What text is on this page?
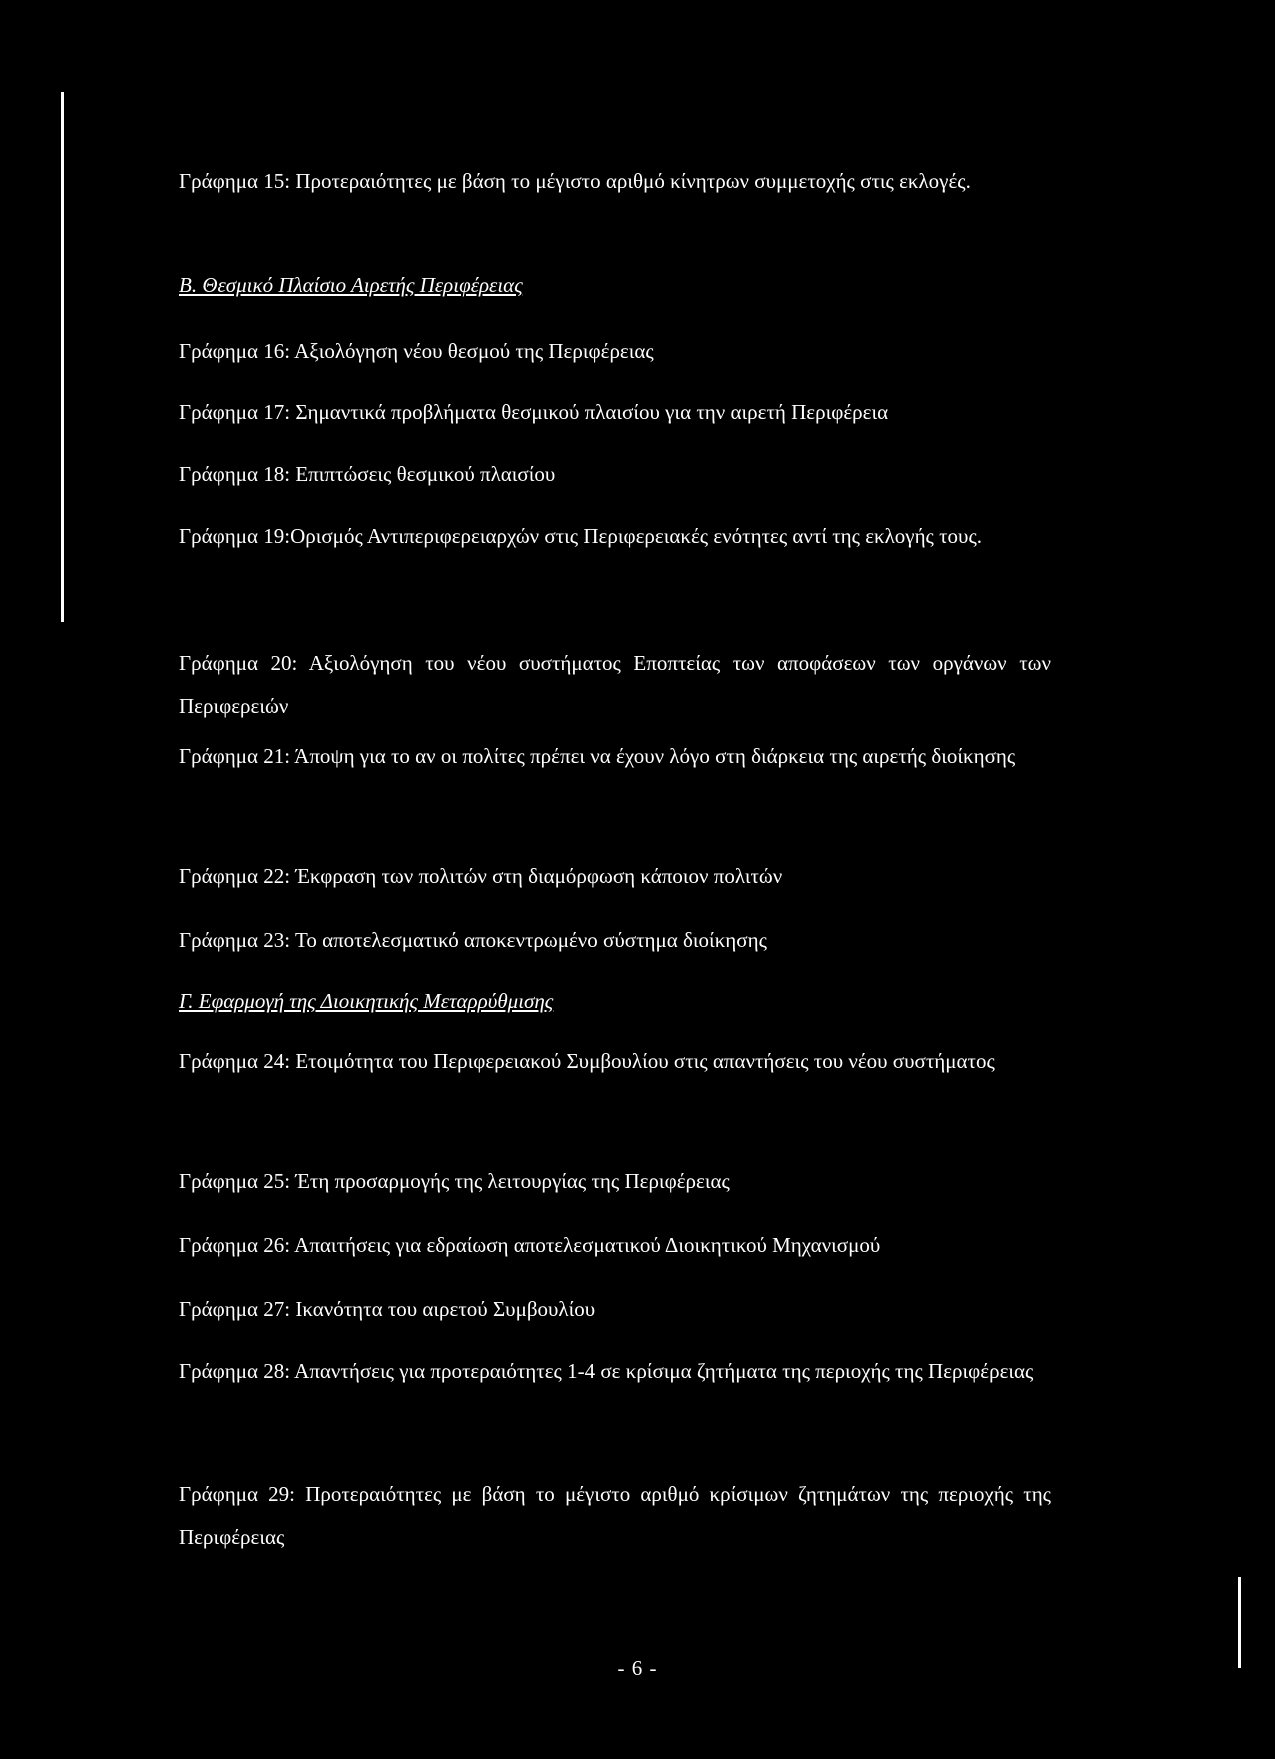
Γράφημα 15: Προτεραιότητες με βάση το μέγιστο αριθμό κίνητρων συμμετοχής στις εκλογές.

Β. Θεσμικό Πλαίσιο Αιρετής Περιφέρειας

Γράφημα 16: Αξιολόγηση νέου θεσμού της Περιφέρειας

Γράφημα 17: Σημαντικά προβλήματα θεσμικού πλαισίου για την αιρετή Περιφέρεια

Γράφημα 18: Επιπτώσεις θεσμικού πλαισίου

Γράφημα 19:Ορισμός Αντιπεριφερειαρχών στις Περιφερειακές ενότητες αντί της εκλογής τους.

Γράφημα 20: Αξιολόγηση του νέου συστήματος Εποπτείας των αποφάσεων των οργάνων των Περιφερειών

Γράφημα 21: Άποψη για το αν οι πολίτες πρέπει να έχουν λόγο στη διάρκεια της αιρετής διοίκησης

Γράφημα 22: Έκφραση των πολιτών στη διαμόρφωση κάποιον πολιτών

Γράφημα 23: Το αποτελεσματικό αποκεντρωμένο σύστημα διοίκησης

Γ. Εφαρμογή της Διοικητικής Μεταρρύθμισης

Γράφημα 24: Ετοιμότητα του Περιφερειακού Συμβουλίου στις απαντήσεις του νέου συστήματος

Γράφημα 25: Έτη προσαρμογής της λειτουργίας της Περιφέρειας

Γράφημα 26: Απαιτήσεις για εδραίωση αποτελεσματικού Διοικητικού Μηχανισμού

Γράφημα 27: Ικανότητα του αιρετού Συμβουλίου

Γράφημα 28: Απαντήσεις για προτεραιότητες 1-4 σε κρίσιμα ζητήματα της περιοχής της Περιφέρειας

Γράφημα 29: Προτεραιότητες με βάση το μέγιστο αριθμό κρίσιμων ζητημάτων της περιοχής της Περιφέρειας

- 6 -
